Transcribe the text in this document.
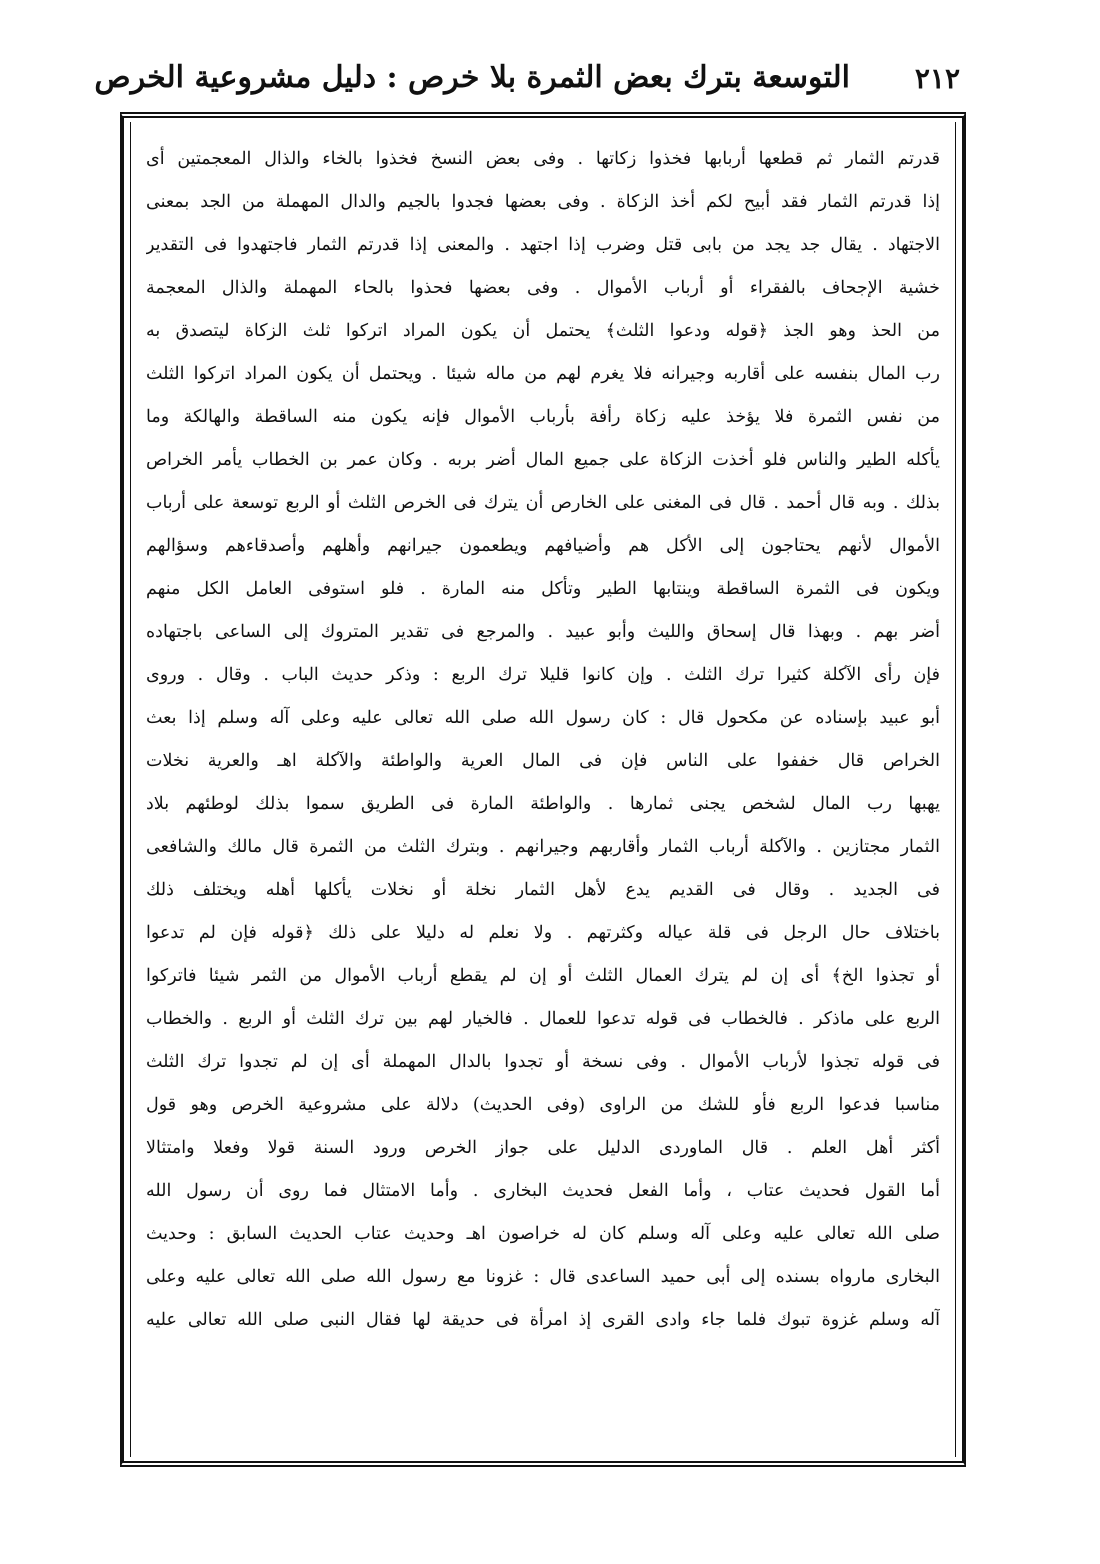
٢١٢
التوسعة بترك بعض الثمرة بلا خرص : دليل مشروعية الخرص
قدرتم الثمار ثم قطعها أربابها فخذوا زكاتها . وفى بعض النسخ فخذوا بالخاء والذال المعجمتين أى
إذا قدرتم الثمار فقد أبيح لكم أخذ الزكاة . وفى بعضها فجدوا بالجيم والدال المهملة من الجد بمعنى
الاجتهاد . يقال جد يجد من بابى قتل وضرب إذا اجتهد . والمعنى إذا قدرتم الثمار فاجتهدوا فى التقدير
خشية الإجحاف بالفقراء أو أرباب الأموال . وفى بعضها فحذوا بالحاء المهملة والذال المعجمة
من الحذ وهو الجذ ﴿قوله ودعوا الثلث﴾ يحتمل أن يكون المراد اتركوا ثلث الزكاة ليتصدق به
رب المال بنفسه على أقاربه وجيرانه فلا يغرم لهم من ماله شيئا . ويحتمل أن يكون المراد اتركوا الثلث
من نفس الثمرة فلا يؤخذ عليه زكاة رأفة بأرباب الأموال فإنه يكون منه الساقطة والهالكة وما
يأكله الطير والناس فلو أخذت الزكاة على جميع المال أضر بربه . وكان عمر بن الخطاب يأمر الخراص
بذلك . وبه قال أحمد . قال فى المغنى على الخارص أن يترك فى الخرص الثلث أو الربع توسعة على أرباب
الأموال لأنهم يحتاجون إلى الأكل هم وأضيافهم ويطعمون جيرانهم وأهلهم وأصدقاءهم وسؤالهم
ويكون فى الثمرة الساقطة وينتابها الطير وتأكل منه المارة . فلو استوفى العامل الكل منهم
أضر بهم . وبهذا قال إسحاق والليث وأبو عبيد . والمرجع فى تقدير المتروك إلى الساعى باجتهاده
فإن رأى الآكلة كثيرا ترك الثلث . وإن كانوا قليلا ترك الربع : وذكر حديث الباب . وقال . وروى
أبو عبيد بإسناده عن مكحول قال : كان رسول الله صلى الله تعالى عليه وعلى آله وسلم إذا بعث
الخراص قال خففوا على الناس فإن فى المال العرية والواطئة والآكلة اهـ والعرية نخلات
يهبها رب المال لشخص يجنى ثمارها . والواطئة المارة فى الطريق سموا بذلك لوطئهم بلاد
الثمار مجتازين . والآكلة أرباب الثمار وأقاربهم وجيرانهم . وبترك الثلث من الثمرة قال مالك والشافعى
فى الجديد . وقال فى القديم يدع لأهل الثمار نخلة أو نخلات يأكلها أهله ويختلف ذلك
باختلاف حال الرجل فى قلة عياله وكثرتهم . ولا نعلم له دليلا على ذلك ﴿قوله فإن لم تدعوا
أو تجذوا الخ﴾ أى إن لم يترك العمال الثلث أو إن لم يقطع أرباب الأموال من الثمر شيئا فاتركوا
الربع على ماذكر . فالخطاب فى قوله تدعوا للعمال . فالخيار لهم بين ترك الثلث أو الربع . والخطاب
فى قوله تجذوا لأرباب الأموال . وفى نسخة أو تجدوا بالدال المهملة أى إن لم تجدوا ترك الثلث
مناسبا فدعوا الربع فأو للشك من الراوى (وفى الحديث) دلالة على مشروعية الخرص وهو قول
أكثر أهل العلم . قال الماوردى الدليل على جواز الخرص ورود السنة قولا وفعلا وامتثالا
أما القول فحديث عتاب ، وأما الفعل فحديث البخارى . وأما الامتثال فما روى أن رسول الله
صلى الله تعالى عليه وعلى آله وسلم كان له خراصون اهـ وحديث عتاب الحديث السابق : وحديث
البخارى مارواه بسنده إلى أبى حميد الساعدى قال : غزونا مع رسول الله صلى الله تعالى عليه وعلى
آله وسلم غزوة تبوك فلما جاء وادى القرى إذ امرأة فى حديقة لها فقال النبى صلى الله تعالى عليه
